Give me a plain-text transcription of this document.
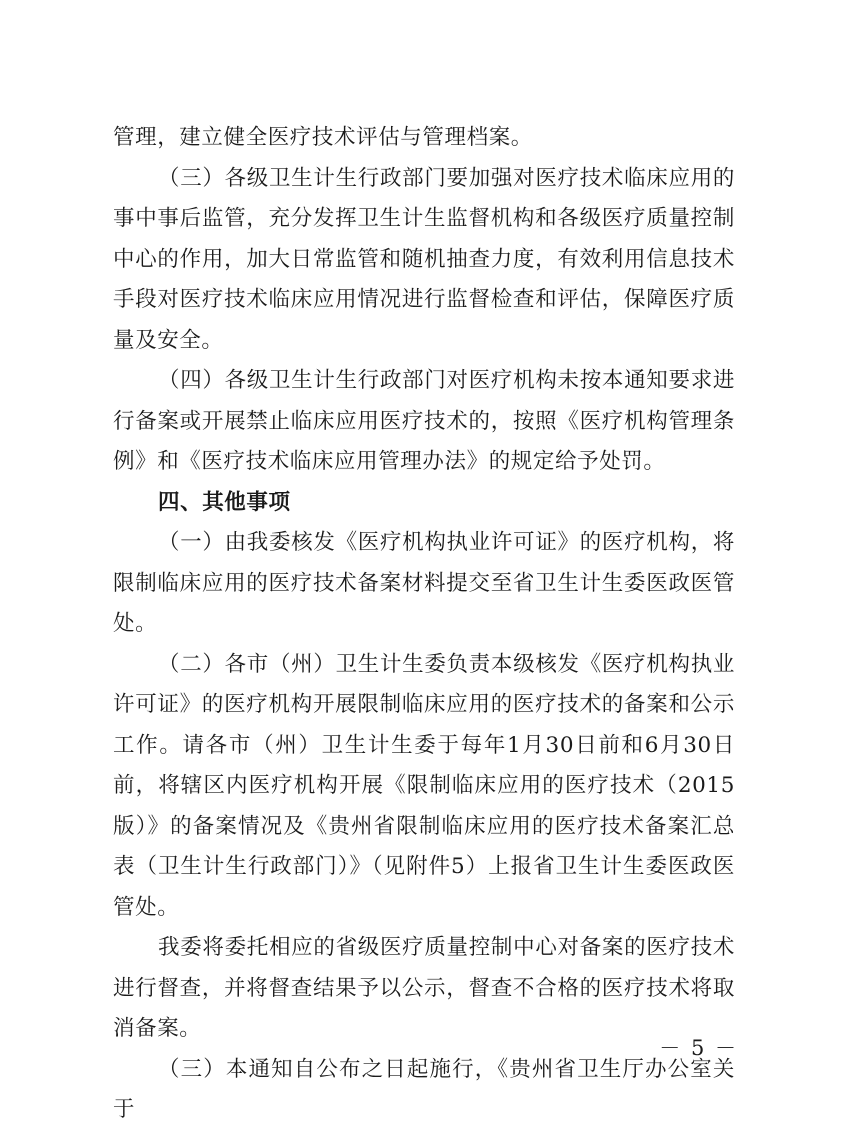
管理，建立健全医疗技术评估与管理档案。

（三）各级卫生计生行政部门要加强对医疗技术临床应用的事中事后监管，充分发挥卫生计生监督机构和各级医疗质量控制中心的作用，加大日常监管和随机抽查力度，有效利用信息技术手段对医疗技术临床应用情况进行监督检查和评估，保障医疗质量及安全。

（四）各级卫生计生行政部门对医疗机构未按本通知要求进行备案或开展禁止临床应用医疗技术的，按照《医疗机构管理条例》和《医疗技术临床应用管理办法》的规定给予处罚。

四、其他事项

（一）由我委核发《医疗机构执业许可证》的医疗机构，将限制临床应用的医疗技术备案材料提交至省卫生计生委医政医管处。

（二）各市（州）卫生计生委负责本级核发《医疗机构执业许可证》的医疗机构开展限制临床应用的医疗技术的备案和公示工作。请各市（州）卫生计生委于每年1月30日前和6月30日前，将辖区内医疗机构开展《限制临床应用的医疗技术（2015版）》的备案情况及《贵州省限制临床应用的医疗技术备案汇总表（卫生计生行政部门）》（见附件5）上报省卫生计生委医政医管处。

我委将委托相应的省级医疗质量控制中心对备案的医疗技术进行督查，并将督查结果予以公示，督查不合格的医疗技术将取消备案。

（三）本通知自公布之日起施行，《贵州省卫生厅办公室关于

－ 5 －
